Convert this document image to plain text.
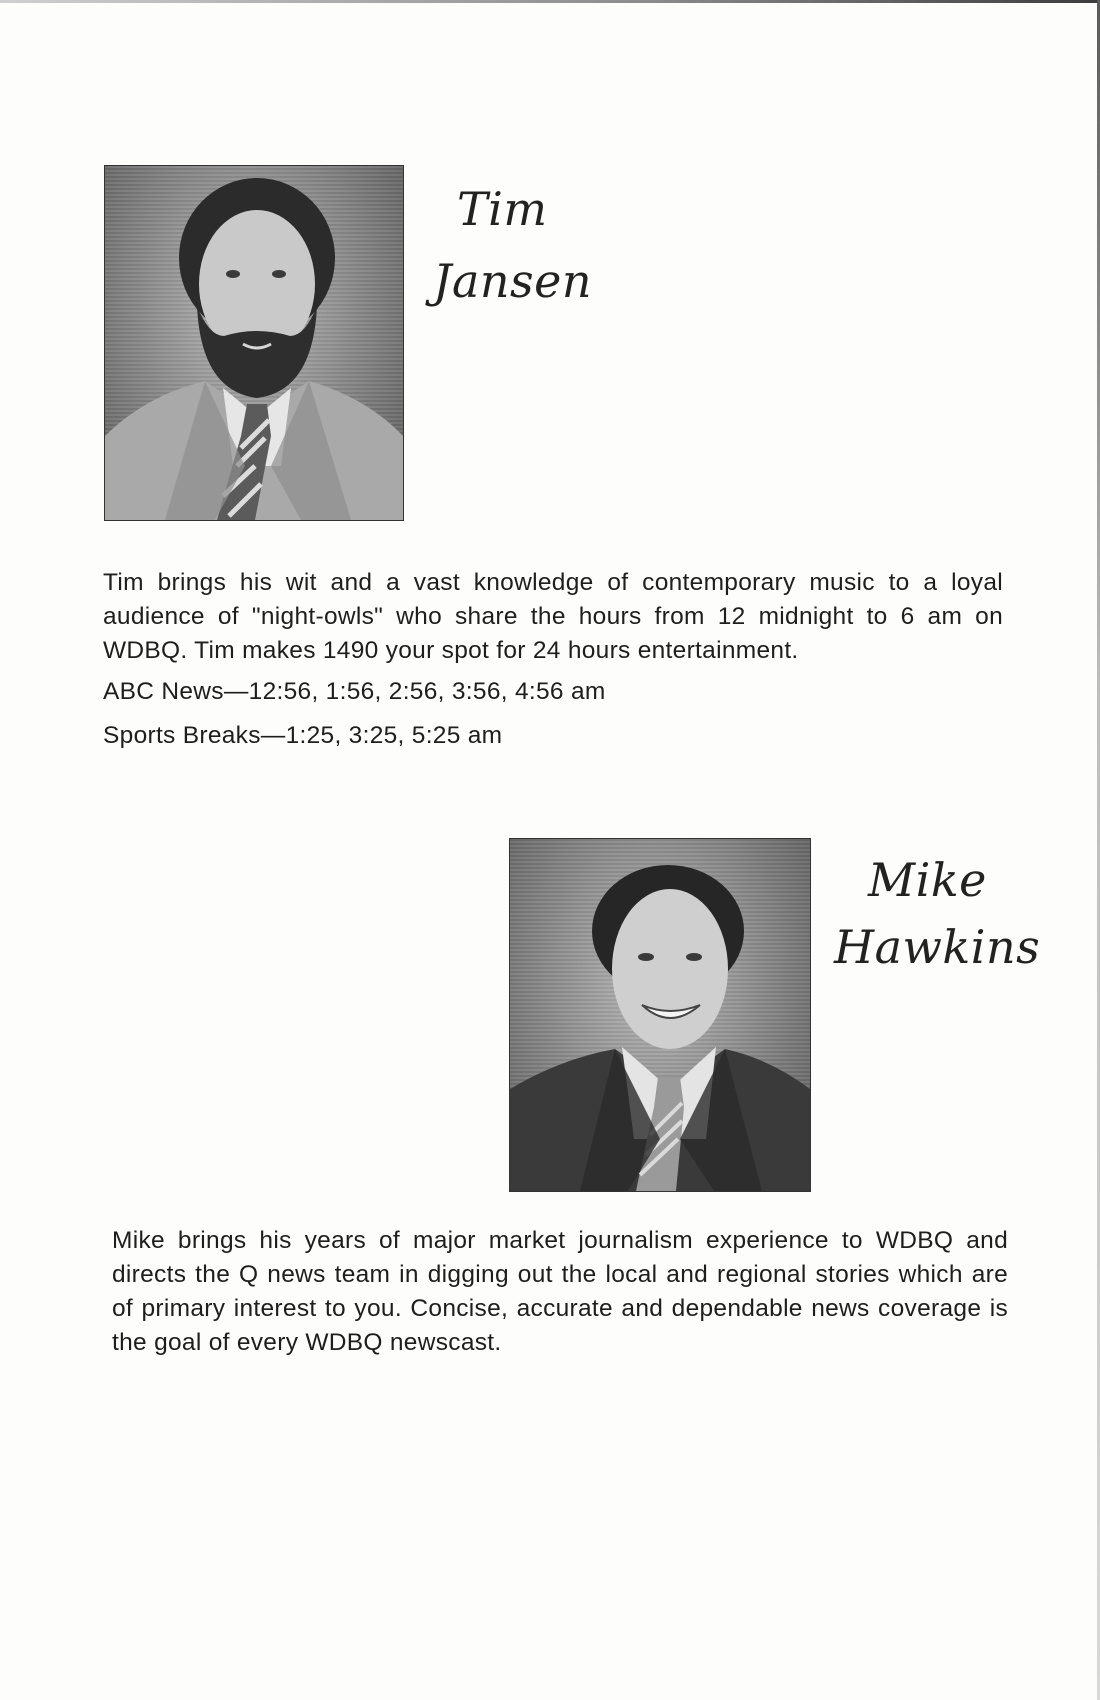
Tim
Jansen

Tim brings his wit and a vast knowledge of contemporary music to a loyal audience of "night-owls" who share the hours from 12 midnight to 6 am on WDBQ. Tim makes 1490 your spot for 24 hours entertainment.

ABC News—12:56, 1:56, 2:56, 3:56, 4:56 am
Sports Breaks—1:25, 3:25, 5:25 am
Mike
Hawkins

Mike brings his years of major market journalism experience to WDBQ and directs the Q news team in digging out the local and regional stories which are of primary interest to you. Concise, accurate and dependable news coverage is the goal of every WDBQ newscast.
